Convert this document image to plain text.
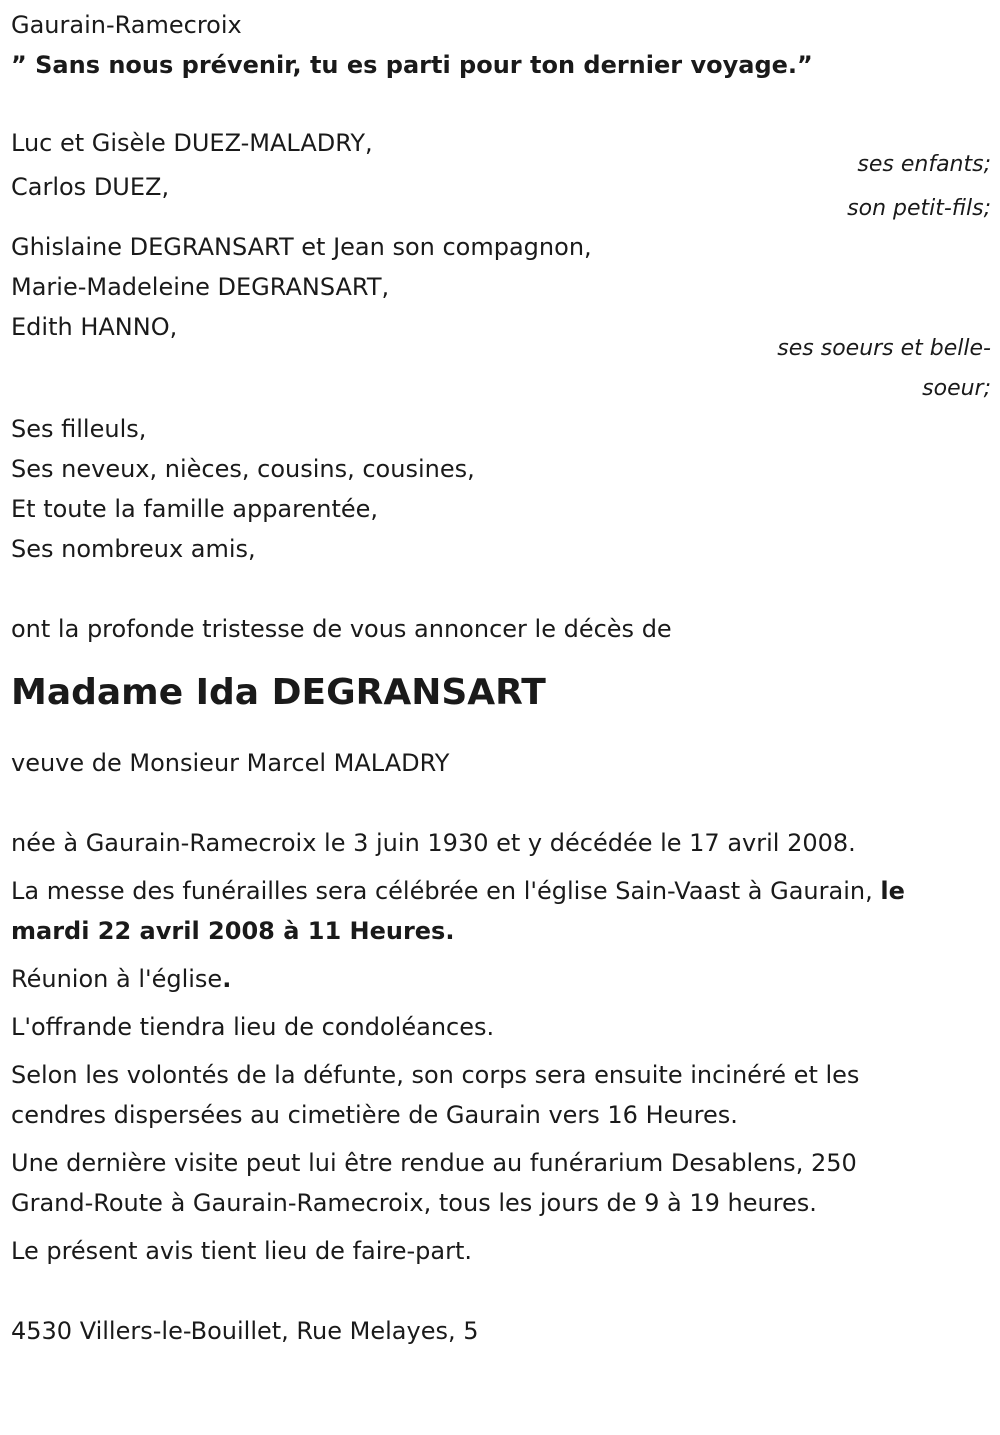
Gaurain-Ramecroix
” Sans nous prévenir, tu es parti pour ton dernier voyage.”
Luc et Gisèle DUEZ-MALADRY,
ses enfants;
Carlos DUEZ,
son petit-fils;
Ghislaine DEGRANSART et Jean son compagnon,
Marie-Madeleine DEGRANSART,
Edith HANNO,
ses soeurs et belle-
soeur;
Ses filleuls,
Ses neveux, nièces, cousins, cousines,
Et toute la famille apparentée,
Ses nombreux amis,
ont la profonde tristesse de vous annoncer le décès de
Madame Ida DEGRANSART
veuve de Monsieur Marcel MALADRY
née à Gaurain-Ramecroix le 3 juin 1930 et y décédée le 17 avril 2008.

La messe des funérailles sera célébrée en l'église Sain-Vaast à Gaurain, le
mardi 22 avril 2008 à 11 Heures.

Réunion à l'église.

L'offrande tiendra lieu de condoléances.

Selon les volontés de la défunte, son corps sera ensuite incinéré et les
cendres dispersées au cimetière de Gaurain vers 16 Heures.

Une dernière visite peut lui être rendue au funérarium Desablens, 250
Grand-Route à Gaurain-Ramecroix, tous les jours de 9 à 19 heures.

Le présent avis tient lieu de faire-part.

4530 Villers-le-Bouillet, Rue Melayes, 5
